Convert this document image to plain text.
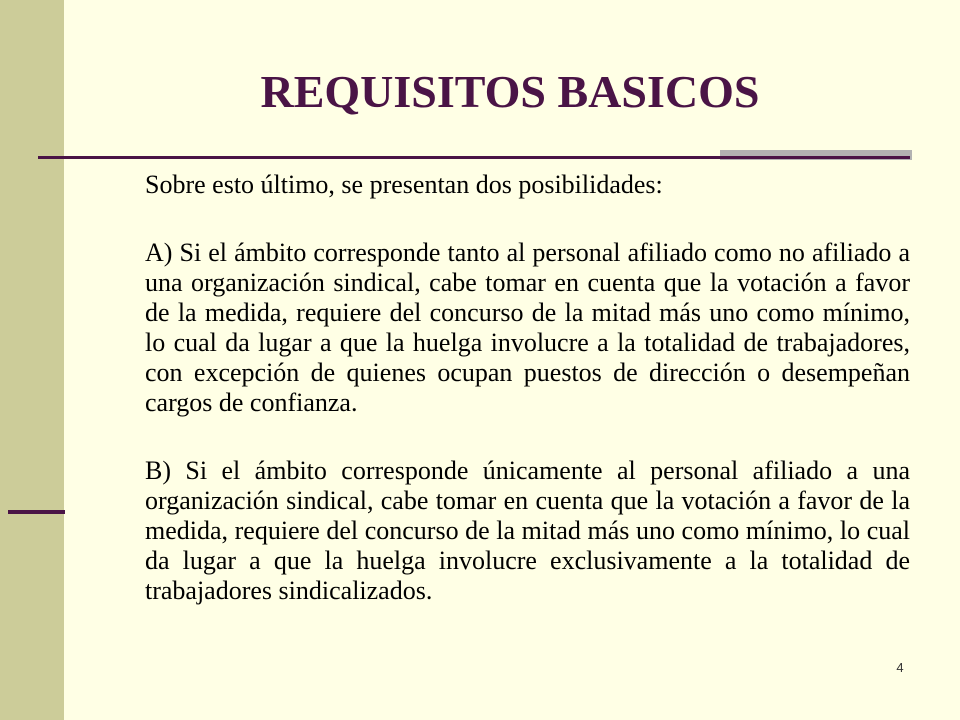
REQUISITOS BASICOS

Sobre esto último, se presentan dos posibilidades:

A) Si el ámbito corresponde tanto al personal afiliado como no afiliado a una organización sindical, cabe tomar en cuenta que la votación a favor de la medida, requiere del concurso de la mitad más uno como mínimo, lo cual da lugar a que la huelga involucre a la totalidad de trabajadores, con excepción de quienes ocupan puestos de dirección o desempeñan cargos de confianza.

B) Si el ámbito corresponde únicamente al personal afiliado a una organización sindical, cabe tomar en cuenta que la votación a favor de la medida, requiere del concurso de la mitad más uno como mínimo, lo cual da lugar a que la huelga involucre exclusivamente a la totalidad de trabajadores sindicalizados.

4
